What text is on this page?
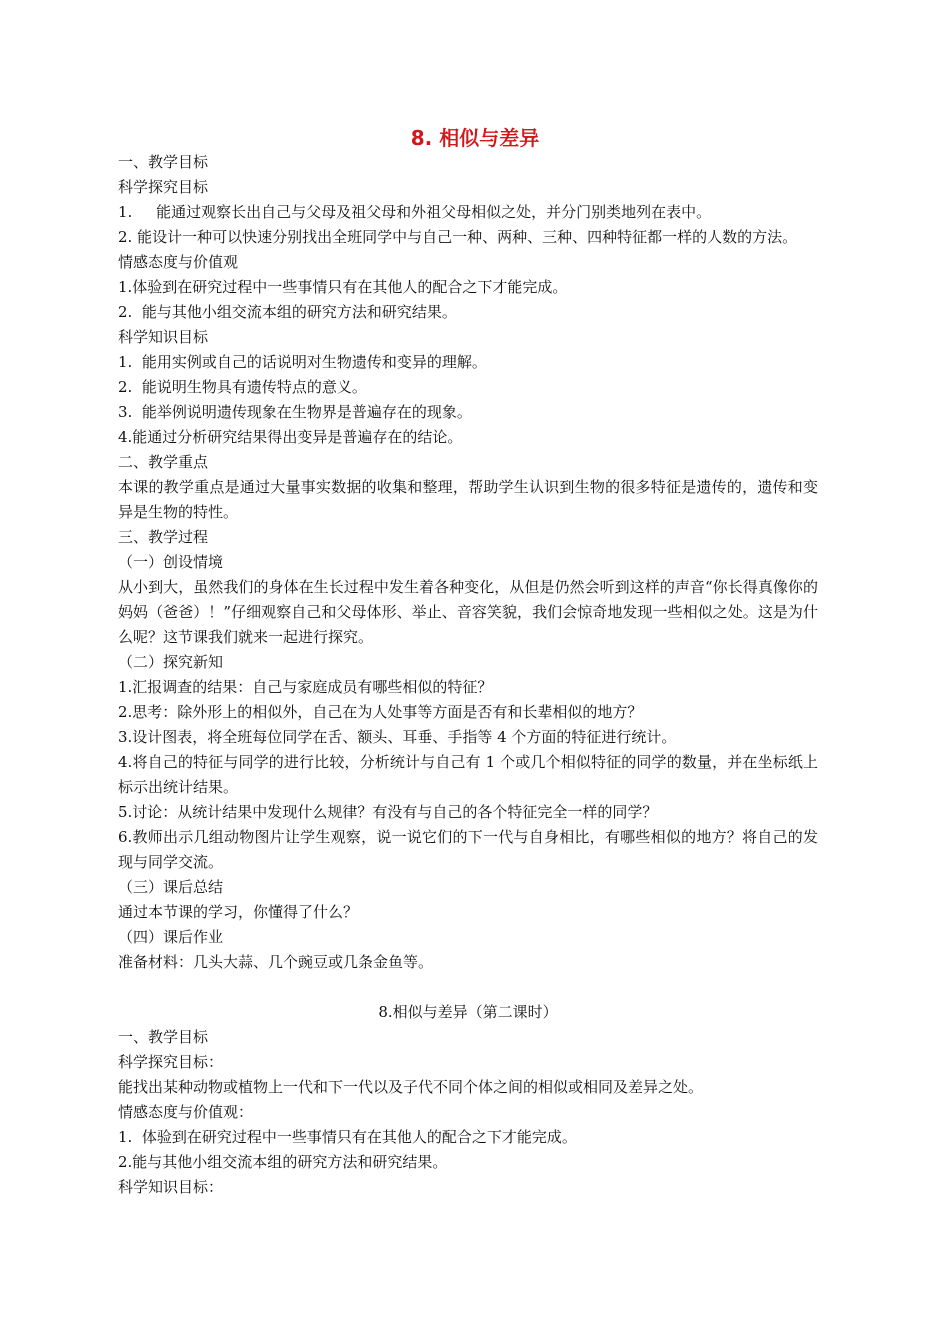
8. 相似与差异

一、教学目标

科学探究目标

1.     能通过观察长出自己与父母及祖父母和外祖父母相似之处，并分门别类地列在表中。

2. 能设计一种可以快速分别找出全班同学中与自己一种、两种、三种、四种特征都一样的人数的方法。

情感态度与价值观

1.体验到在研究过程中一些事情只有在其他人的配合之下才能完成。

2.  能与其他小组交流本组的研究方法和研究结果。

科学知识目标

1.  能用实例或自己的话说明对生物遗传和变异的理解。

2.  能说明生物具有遗传特点的意义。

3.  能举例说明遗传现象在生物界是普遍存在的现象。

4.能通过分析研究结果得出变异是普遍存在的结论。

二、教学重点

本课的教学重点是通过大量事实数据的收集和整理，帮助学生认识到生物的很多特征是遗传的，遗传和变异是生物的特性。

三、教学过程

（一）创设情境

从小到大，虽然我们的身体在生长过程中发生着各种变化，从但是仍然会听到这样的声音“你长得真像你的妈妈（爸爸）！”仔细观察自己和父母体形、举止、音容笑貌，我们会惊奇地发现一些相似之处。这是为什么呢？这节课我们就来一起进行探究。

（二）探究新知

1.汇报调查的结果：自己与家庭成员有哪些相似的特征？

2.思考：除外形上的相似外，自己在为人处事等方面是否有和长辈相似的地方？

3.设计图表，将全班每位同学在舌、额头、耳垂、手指等 4 个方面的特征进行统计。

4.将自己的特征与同学的进行比较，分析统计与自己有 1 个或几个相似特征的同学的数量，并在坐标纸上标示出统计结果。

5.讨论：从统计结果中发现什么规律？有没有与自己的各个特征完全一样的同学？

6.教师出示几组动物图片让学生观察，说一说它们的下一代与自身相比，有哪些相似的地方？将自己的发现与同学交流。

（三）课后总结

通过本节课的学习，你懂得了什么？

（四）课后作业

准备材料：几头大蒜、几个豌豆或几条金鱼等。

8.相似与差异（第二课时）

一、教学目标

科学探究目标：

能找出某种动物或植物上一代和下一代以及子代不同个体之间的相似或相同及差异之处。

情感态度与价值观：

1.  体验到在研究过程中一些事情只有在其他人的配合之下才能完成。

2.能与其他小组交流本组的研究方法和研究结果。

科学知识目标：
